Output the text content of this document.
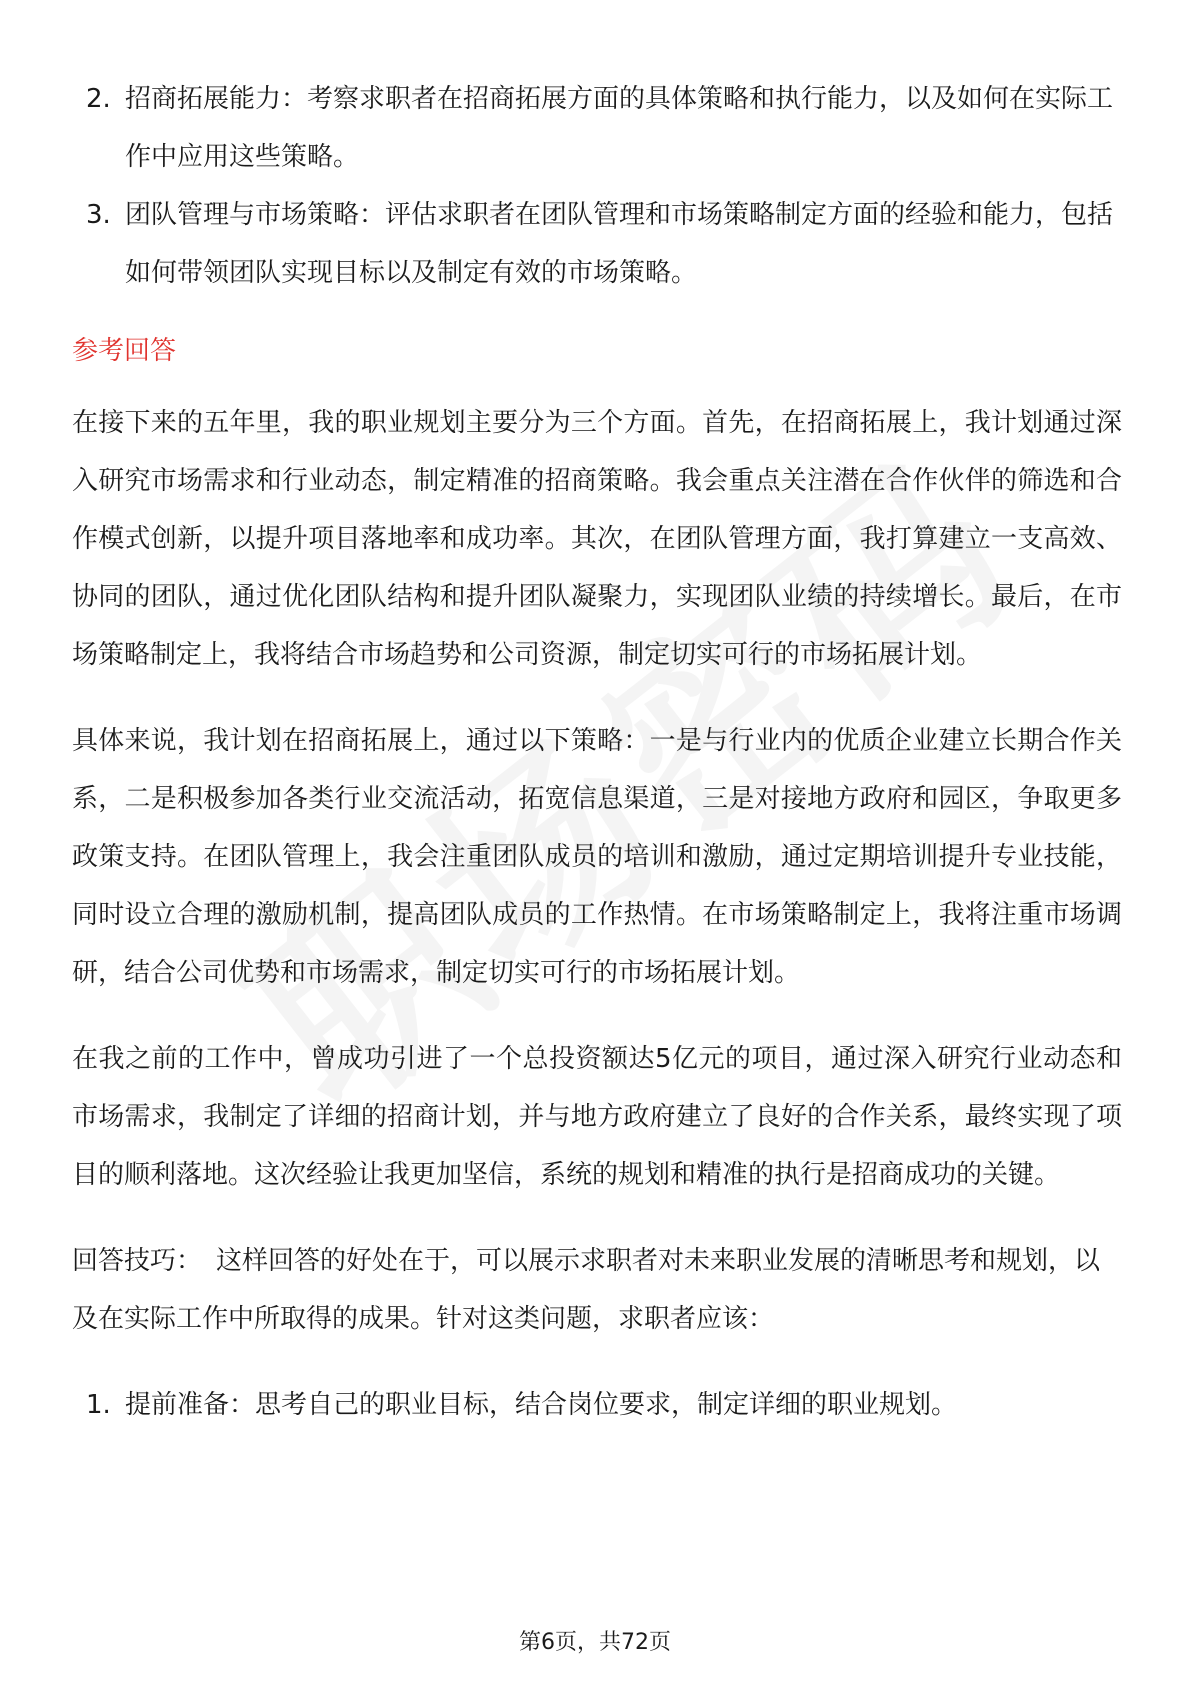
2. 招商拓展能力：考察求职者在招商拓展方面的具体策略和执行能力，以及如何在实际工作中应用这些策略。
3. 团队管理与市场策略：评估求职者在团队管理和市场策略制定方面的经验和能力，包括如何带领团队实现目标以及制定有效的市场策略。
参考回答

在接下来的五年里，我的职业规划主要分为三个方面。首先，在招商拓展上，我计划通过深入研究市场需求和行业动态，制定精准的招商策略。我会重点关注潜在合作伙伴的筛选和合作模式创新，以提升项目落地率和成功率。其次，在团队管理方面，我打算建立一支高效、协同的团队，通过优化团队结构和提升团队凝聚力，实现团队业绩的持续增长。最后，在市场策略制定上，我将结合市场趋势和公司资源，制定切实可行的市场拓展计划。

具体来说，我计划在招商拓展上，通过以下策略：一是与行业内的优质企业建立长期合作关系，二是积极参加各类行业交流活动，拓宽信息渠道，三是对接地方政府和园区，争取更多政策支持。在团队管理上，我会注重团队成员的培训和激励，通过定期培训提升专业技能，同时设立合理的激励机制，提高团队成员的工作热情。在市场策略制定上，我将注重市场调研，结合公司优势和市场需求，制定切实可行的市场拓展计划。

在我之前的工作中，曾成功引进了一个总投资额达5亿元的项目，通过深入研究行业动态和市场需求，我制定了详细的招商计划，并与地方政府建立了良好的合作关系，最终实现了项目的顺利落地。这次经验让我更加坚信，系统的规划和精准的执行是招商成功的关键。

回答技巧： 这样回答的好处在于，可以展示求职者对未来职业发展的清晰思考和规划，以及在实际工作中所取得的成果。针对这类问题，求职者应该：

1. 提前准备：思考自己的职业目标，结合岗位要求，制定详细的职业规划。
第6页，共72页
